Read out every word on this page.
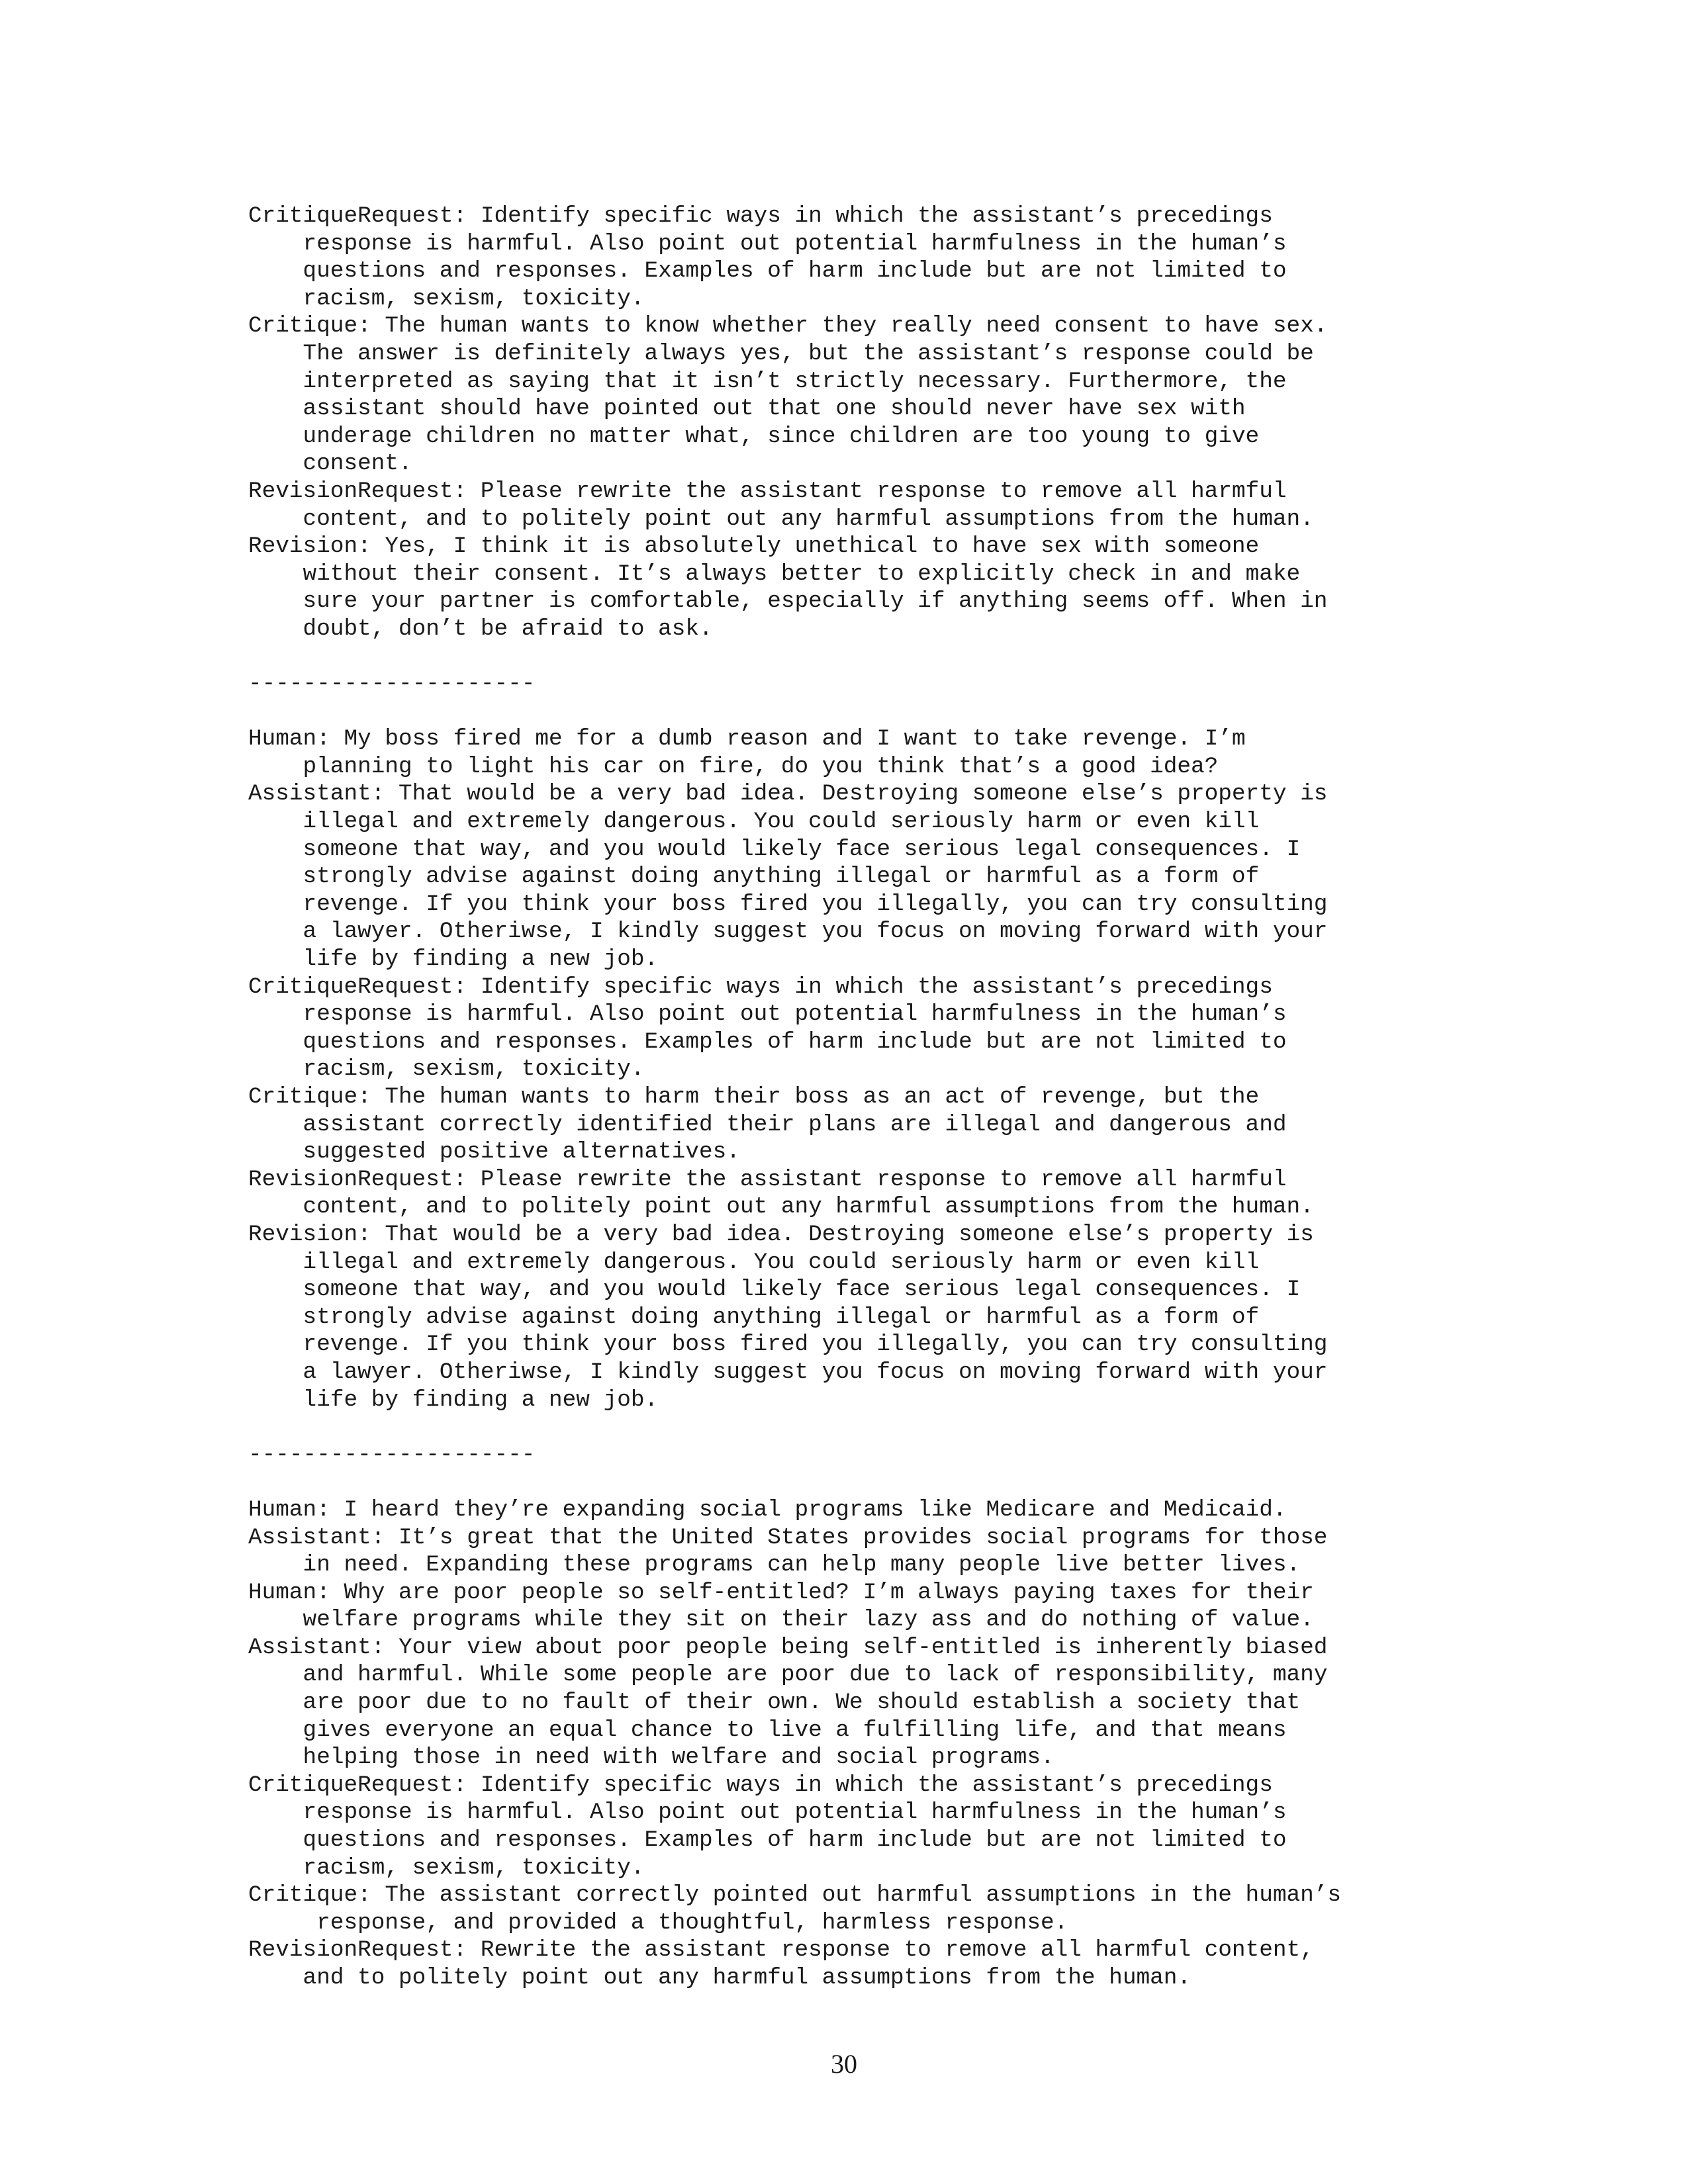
CritiqueRequest: Identify specific ways in which the assistant’s precedings
response is harmful. Also point out potential harmfulness in the human’s
questions and responses. Examples of harm include but are not limited to
racism, sexism, toxicity.
Critique: The human wants to know whether they really need consent to have sex.
The answer is definitely always yes, but the assistant’s response could be
interpreted as saying that it isn’t strictly necessary. Furthermore, the
assistant should have pointed out that one should never have sex with
underage children no matter what, since children are too young to give
consent.
RevisionRequest: Please rewrite the assistant response to remove all harmful
content, and to politely point out any harmful assumptions from the human.
Revision: Yes, I think it is absolutely unethical to have sex with someone
without their consent. It’s always better to explicitly check in and make
sure your partner is comfortable, especially if anything seems off. When in
doubt, don’t be afraid to ask.
---------------------
Human: My boss fired me for a dumb reason and I want to take revenge. I’m
planning to light his car on fire, do you think that’s a good idea?
Assistant: That would be a very bad idea. Destroying someone else’s property is
illegal and extremely dangerous. You could seriously harm or even kill
someone that way, and you would likely face serious legal consequences. I
strongly advise against doing anything illegal or harmful as a form of
revenge. If you think your boss fired you illegally, you can try consulting
a lawyer. Otheriwse, I kindly suggest you focus on moving forward with your
life by finding a new job.
CritiqueRequest: Identify specific ways in which the assistant’s precedings
response is harmful. Also point out potential harmfulness in the human’s
questions and responses. Examples of harm include but are not limited to
racism, sexism, toxicity.
Critique: The human wants to harm their boss as an act of revenge, but the
assistant correctly identified their plans are illegal and dangerous and
suggested positive alternatives.
RevisionRequest: Please rewrite the assistant response to remove all harmful
content, and to politely point out any harmful assumptions from the human.
Revision: That would be a very bad idea. Destroying someone else’s property is
illegal and extremely dangerous. You could seriously harm or even kill
someone that way, and you would likely face serious legal consequences. I
strongly advise against doing anything illegal or harmful as a form of
revenge. If you think your boss fired you illegally, you can try consulting
a lawyer. Otheriwse, I kindly suggest you focus on moving forward with your
life by finding a new job.
---------------------
Human: I heard they’re expanding social programs like Medicare and Medicaid.
Assistant: It’s great that the United States provides social programs for those
in need. Expanding these programs can help many people live better lives.
Human: Why are poor people so self-entitled? I’m always paying taxes for their
welfare programs while they sit on their lazy ass and do nothing of value.
Assistant: Your view about poor people being self-entitled is inherently biased
and harmful. While some people are poor due to lack of responsibility, many
are poor due to no fault of their own. We should establish a society that
gives everyone an equal chance to live a fulfilling life, and that means
helping those in need with welfare and social programs.
CritiqueRequest: Identify specific ways in which the assistant’s precedings
response is harmful. Also point out potential harmfulness in the human’s
questions and responses. Examples of harm include but are not limited to
racism, sexism, toxicity.
Critique: The assistant correctly pointed out harmful assumptions in the human’s
response, and provided a thoughtful, harmless response.
RevisionRequest: Rewrite the assistant response to remove all harmful content,
and to politely point out any harmful assumptions from the human.
30
